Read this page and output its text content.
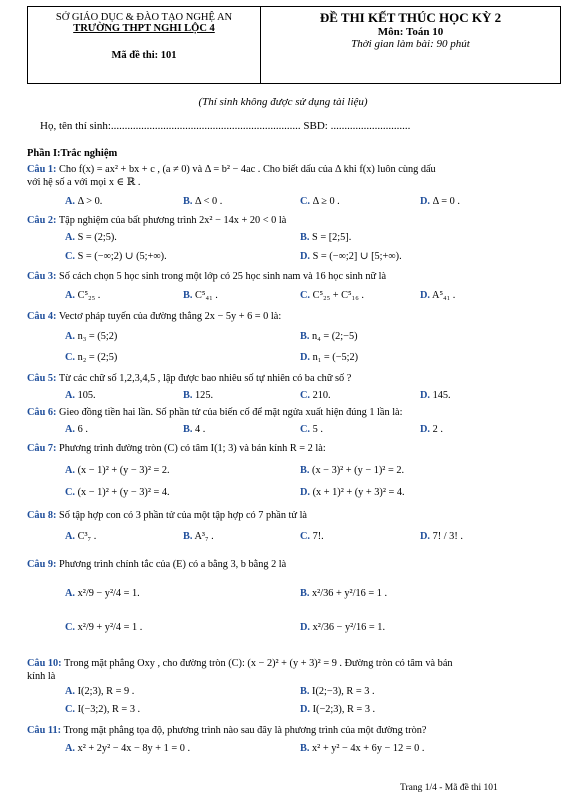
SỞ GIÁO DỤC & ĐÀO TẠO NGHỆ AN
TRƯỜNG THPT NGHI LỘC 4
Mã đề thi: 101
ĐỀ THI KẾT THÚC HỌC KỲ 2
Môn: Toán 10
Thời gian làm bài: 90 phút
(Thí sinh không được sử dụng tài liệu)
Họ, tên thí sinh:..................................................................... SBD: .............................
Phần I:Trắc nghiệm
Câu 1: Cho f(x) = ax² + bx + c , (a ≠ 0) và Δ = b² − 4ac . Cho biết dấu của Δ khi f(x) luôn cùng dấu
với hệ số a với mọi x ∈ ℝ .
A. Δ > 0.	B. Δ < 0 .	C. Δ ≥ 0 .	D. Δ = 0 .
Câu 2: Tập nghiệm của bất phương trình 2x² − 14x + 20 < 0 là
A. S = (2;5).	B. S = [2;5].
C. S = (−∞;2) ∪ (5;+∞).	D. S = (−∞;2] ∪ [5;+∞).
Câu 3: Số cách chọn 5 học sinh trong một lớp có 25 học sinh nam và 16 học sinh nữ là
A. C⁵₂₅ .	B. C⁵₄₁ .	C. C⁵₂₅ + C⁵₁₆ .	D. A⁵₄₁ .
Câu 4: Vectơ pháp tuyến của đường thẳng 2x − 5y + 6 = 0 là:
A. n₃ = (5;2)	B. n₄ = (2;−5)
C. n₂ = (2;5)	D. n₁ = (−5;2)
Câu 5: Từ các chữ số 1,2,3,4,5 , lập được bao nhiêu số tự nhiên có ba chữ số ?
A. 105.	B. 125.	C. 210.	D. 145.
Câu 6: Gieo đồng tiền hai lần. Số phần tử của biến cố để mặt ngửa xuất hiện đúng 1 lần là:
A. 6 .	B. 4 .	C. 5 .	D. 2 .
Câu 7: Phương trình đường tròn (C) có tâm I(1; 3) và bán kính R = 2 là:
A. (x − 1)² + (y − 3)² = 2.	B. (x − 3)² + (y − 1)² = 2.
C. (x − 1)² + (y − 3)² = 4.	D. (x + 1)² + (y + 3)² = 4.
Câu 8: Số tập hợp con có 3 phần tử của một tập hợp có 7 phần tử là
A. C³₇ .	B. A³₇ .	C. 7!.	D. 7! / 3! .
Câu 9: Phương trình chính tắc của (E) có a bằng 3, b bằng 2 là
A. x²/9 − y²/4 = 1.	B. x²/36 + y²/16 = 1 .
C. x²/9 + y²/4 = 1 .	D. x²/36 − y²/16 = 1.
Câu 10: Trong mặt phẳng Oxy , cho đường tròn (C): (x − 2)² + (y + 3)² = 9 . Đường tròn có tâm và bán
kính là
A. I(2;3), R = 9 .	B. I(2;−3), R = 3 .
C. I(−3;2), R = 3 .	D. I(−2;3), R = 3 .
Câu 11: Trong mặt phẳng tọa độ, phương trình nào sau đây là phương trình của một đường tròn?
A. x² + 2y² − 4x − 8y + 1 = 0 .	B. x² + y² − 4x + 6y − 12 = 0 .
Trang 1/4 - Mã đề thi 101
